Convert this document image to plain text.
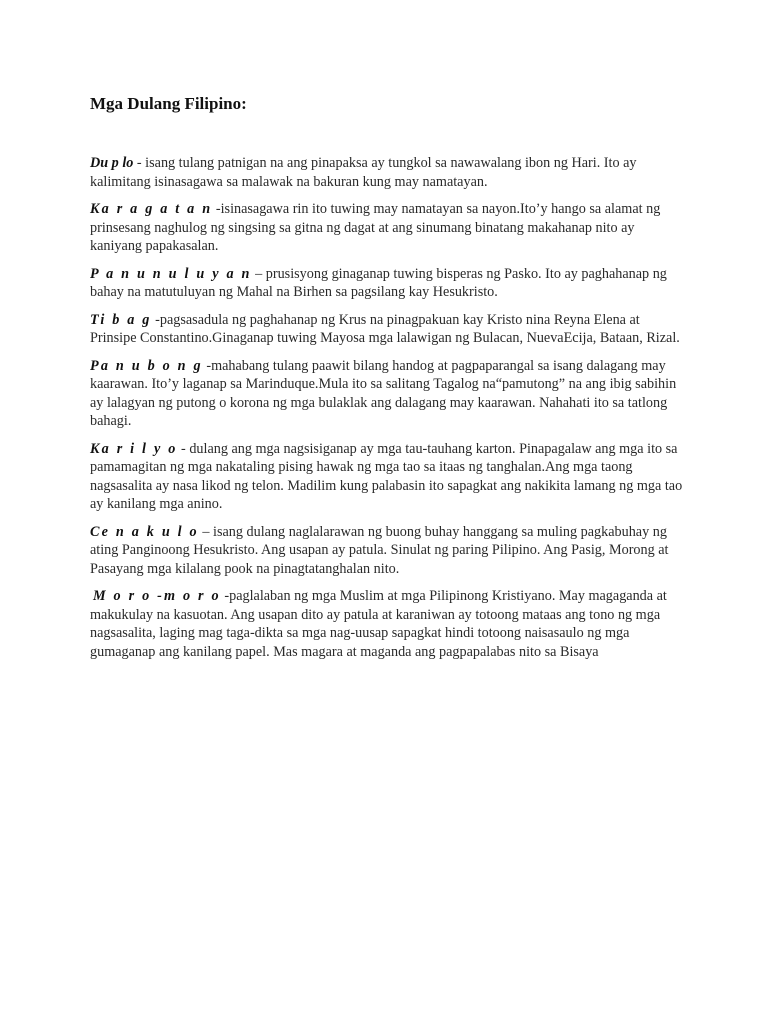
Mga Dulang Filipino:

Du p lo - isang tulang patnigan na ang pinapaksa ay tungkol sa nawawalang ibon ng Hari. Ito ay kalimitang isinasagawa sa malawak na bakuran kung may namatayan.

Ka r a g a t a n -isinasagawa rin ito tuwing may namatayan sa nayon.Ito’y hango sa alamat ng prinsesang naghulog ng singsing sa gitna ng dagat at ang sinumang binatang makahanap nito ay kaniyang papakasalan.

P a n u n u l u y a n – prusisyong ginaganap tuwing bisperas ng Pasko. Ito ay paghahanap ng bahay na matutuluyan ng Mahal na Birhen sa pagsilang kay Hesukristo.

Ti b a g -pagsasadula ng paghahanap ng Krus na pinagpakuan kay Kristo nina Reyna Elena at Prinsipe Constantino.Ginaganap tuwing Mayosa mga lalawigan ng Bulacan, NuevaEcija, Bataan, Rizal.

Pa n u b o n g -mahabang tulang paawit bilang handog at pagpaparangal sa isang dalagang may kaarawan. Ito’y laganap sa Marinduque.Mula ito sa salitang Tagalog na“pamutong” na ang ibig sabihin ay lalagyan ng putong o korona ng mga bulaklak ang dalagang may kaarawan. Nahahati ito sa tatlong bahagi.

Ka r i l y o - dulang ang mga nagsisiganap ay mga tau-tauhang karton. Pinapagalaw ang mga ito sa pamamagitan ng mga nakataling pising hawak ng mga tao sa itaas ng tanghalan.Ang mga taong nagsasalita ay nasa likod ng telon. Madilim kung palabasin ito sapagkat ang nakikita lamang ng mga tao ay kanilang mga anino.

Ce n a k u l o – isang dulang naglalarawan ng buong buhay hanggang sa muling pagkabuhay ng ating Panginoong Hesukristo. Ang usapan ay patula. Sinulat ng paring Pilipino. Ang Pasig, Morong at Pasayang mga kilalang pook na pinagtatanghalan nito.

M o r o -m o r o -paglalaban ng mga Muslim at mga Pilipinong Kristiyano. May magaganda at makukulay na kasuotan. Ang usapan dito ay patula at karaniwan ay totoong mataas ang tono ng mga nagsasalita, laging mag taga-dikta sa mga nag-uusap sapagkat hindi totoong naisasaulo ng mga gumaganap ang kanilang papel. Mas magara at maganda ang pagpapalabas nito sa Bisaya
